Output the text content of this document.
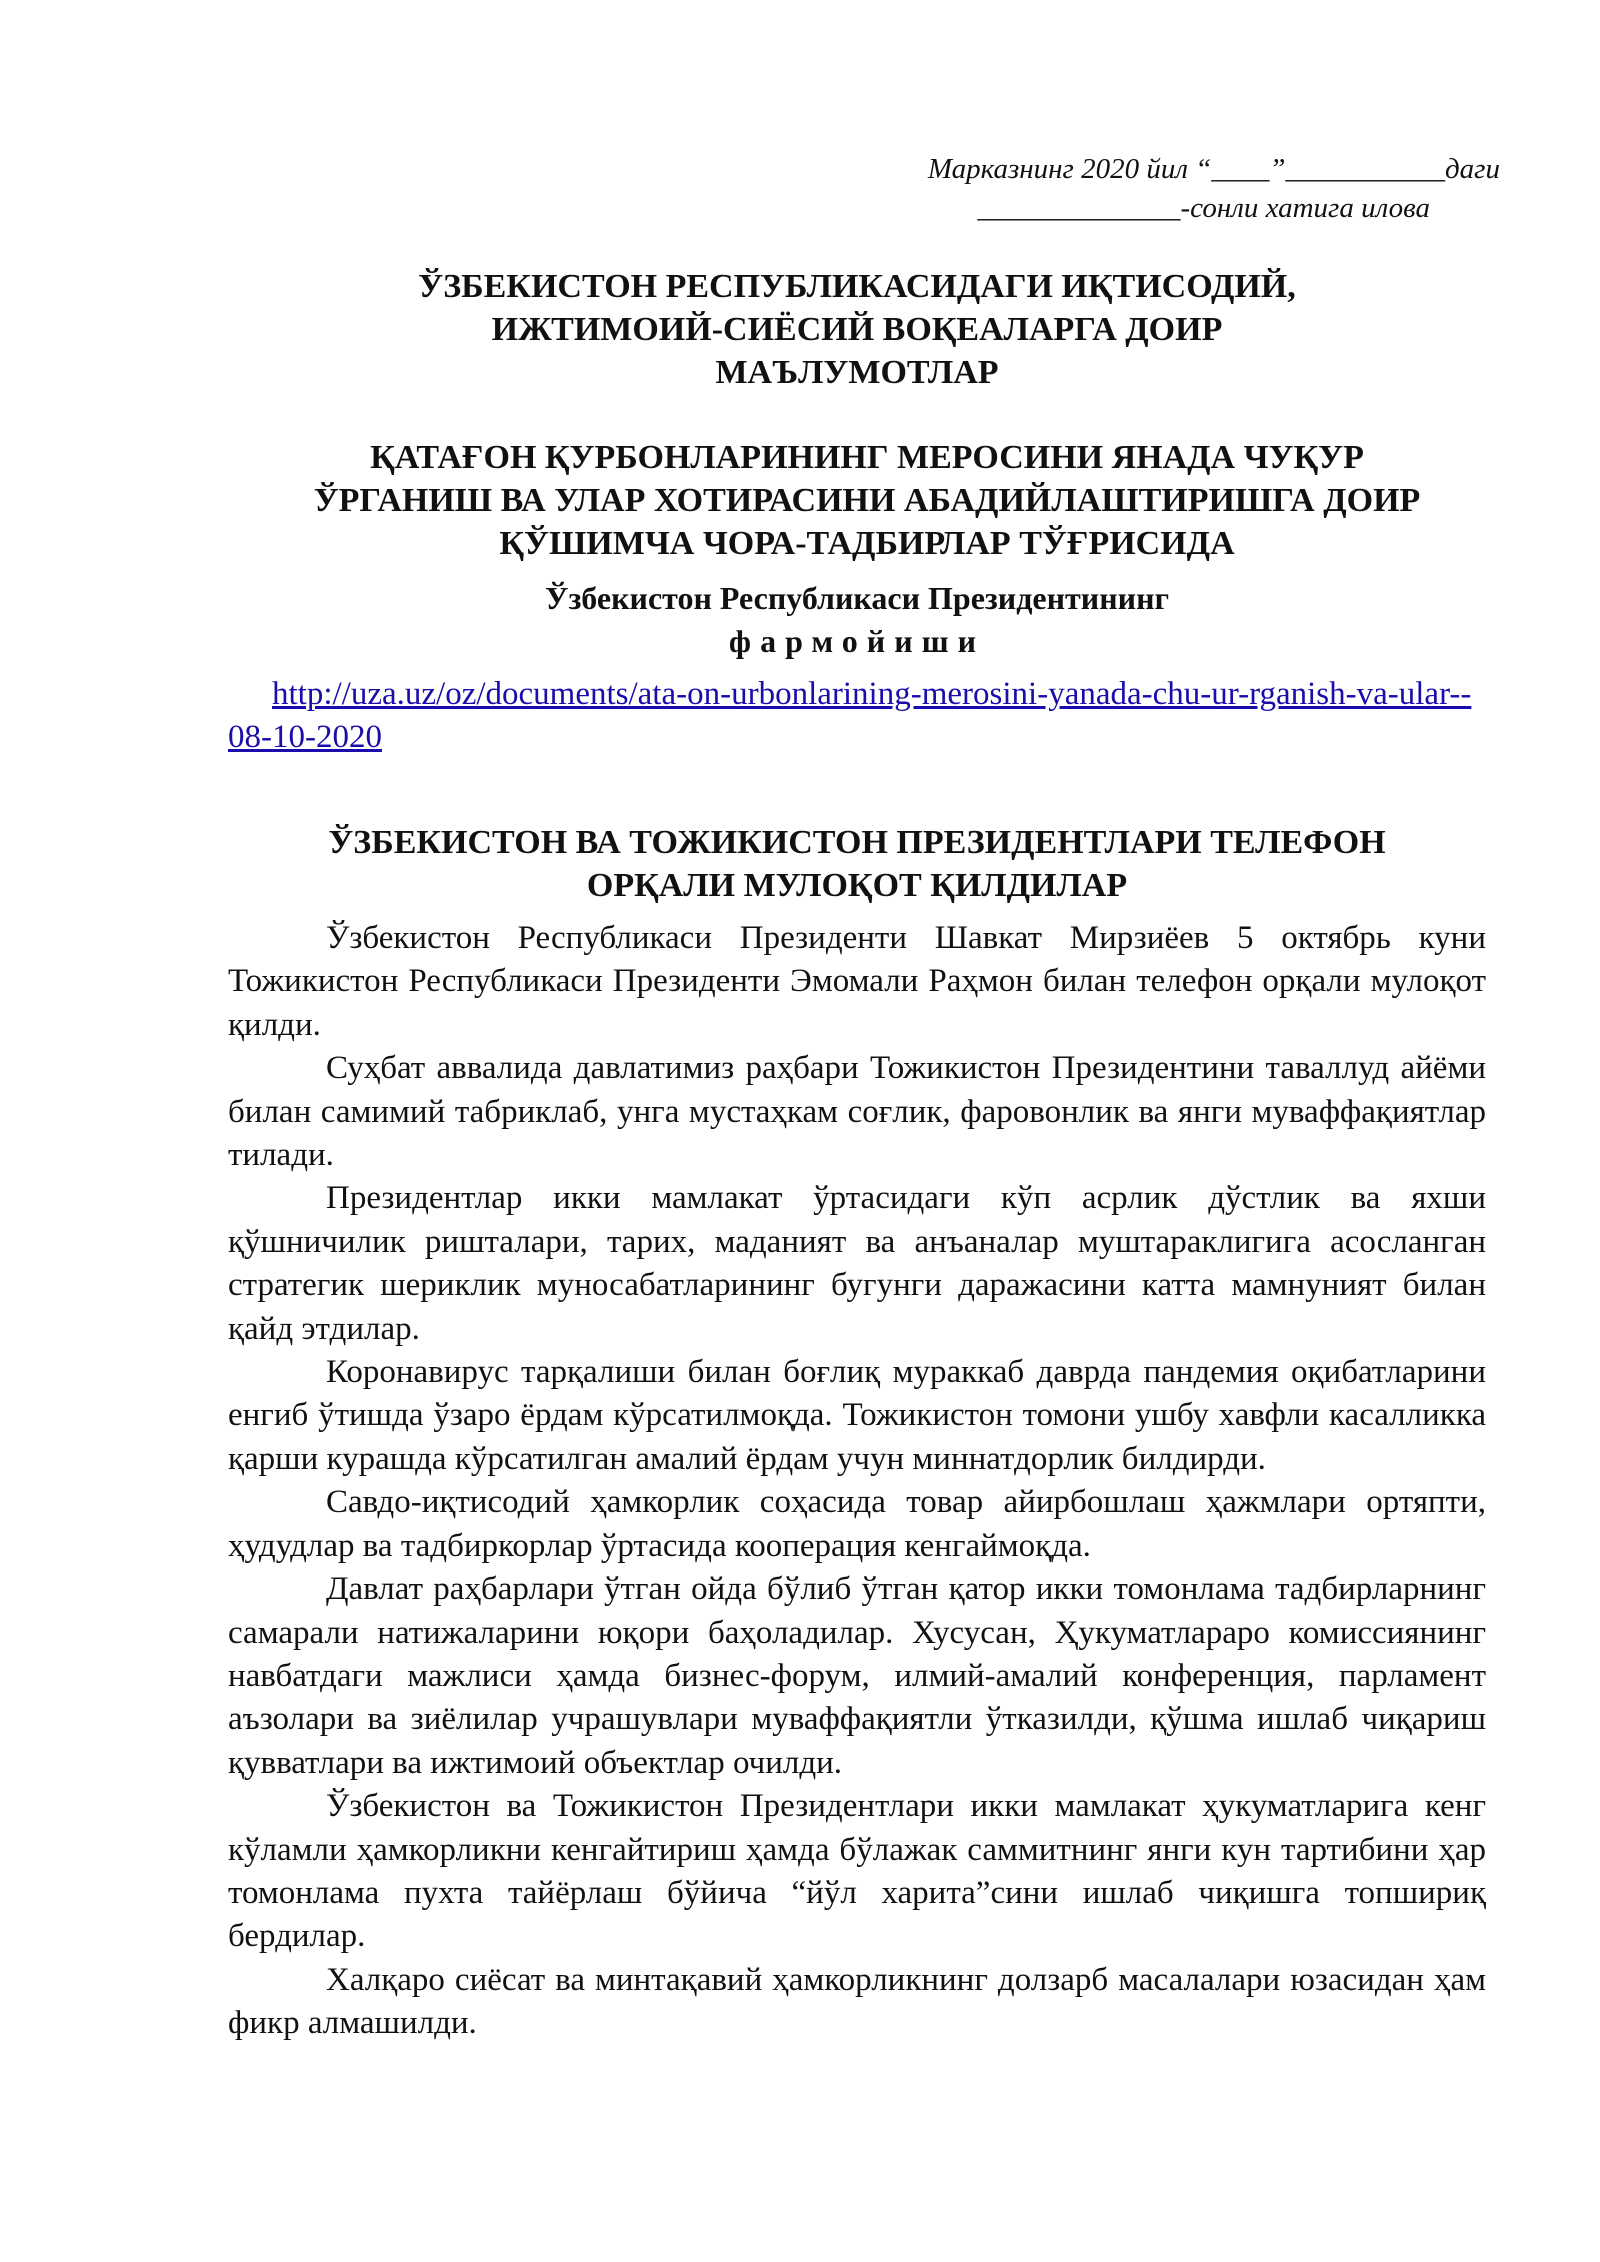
Марказнинг 2020 йил “____”___________даги
______________-сонли хатига илова
ЎЗБЕКИСТОН РЕСПУБЛИКАСИДАГИ ИҚТИСОДИЙ,
ИЖТИМОИЙ-СИЁСИЙ ВОҚЕАЛАРГА ДОИР
МАЪЛУМОТЛАР
ҚАТАҒОН ҚУРБОНЛАРИНИНГ МЕРОСИНИ ЯНАДА ЧУҚУР
ЎРГАНИШ ВА УЛАР ХОТИРАСИНИ АБАДИЙЛАШТИРИШГА ДОИР
ҚЎШИМЧА ЧОРА-ТАДБИРЛАР ТЎҒРИСИДА
Ўзбекистон Республикаси Президентининг
фармойиши
http://uza.uz/oz/documents/ata-on-urbonlarining-merosini-yanada-chu-ur-rganish-va-ular--08-10-2020
ЎЗБЕКИСТОН ВА ТОЖИКИСТОН ПРЕЗИДЕНТЛАРИ ТЕЛЕФОН
ОРҚАЛИ МУЛОҚОТ ҚИЛДИЛАР

Ўзбекистон Республикаси Президенти Шавкат Мирзиёев 5 октябрь куни Тожикистон Республикаси Президенти Эмомали Раҳмон билан телефон орқали мулоқот қилди.

Суҳбат аввалида давлатимиз раҳбари Тожикистон Президентини таваллуд айёми билан самимий табриклаб, унга мустаҳкам соғлик, фаровонлик ва янги муваффақиятлар тилади.

Президентлар икки мамлакат ўртасидаги кўп асрлик дўстлик ва яхши қўшничилик ришталари, тарих, маданият ва анъаналар муштараклигига асосланган стратегик шериклик муносабатларининг бугунги даражасини катта мамнуният билан қайд этдилар.

Коронавирус тарқалиши билан боғлиқ мураккаб даврда пандемия оқибатларини енгиб ўтишда ўзаро ёрдам кўрсатилмоқда. Тожикистон томони ушбу хавфли касалликка қарши курашда кўрсатилган амалий ёрдам учун миннатдорлик билдирди.

Савдо-иқтисодий ҳамкорлик соҳасида товар айирбошлаш ҳажмлари ортяпти, ҳудудлар ва тадбиркорлар ўртасида кооперация кенгаймоқда.

Давлат раҳбарлари ўтган ойда бўлиб ўтган қатор икки томонлама тадбирларнинг самарали натижаларини юқори баҳоладилар. Хусусан, Ҳукуматлараро комиссиянинг навбатдаги мажлиси ҳамда бизнес-форум, илмий-амалий конференция, парламент аъзолари ва зиёлилар учрашувлари муваффақиятли ўтказилди, қўшма ишлаб чиқариш қувватлари ва ижтимоий объектлар очилди.

Ўзбекистон ва Тожикистон Президентлари икки мамлакат ҳукуматларига кенг кўламли ҳамкорликни кенгайтириш ҳамда бўлажак саммитнинг янги кун тартибини ҳар томонлама пухта тайёрлаш бўйича “йўл харита”сини ишлаб чиқишга топшириқ бердилар.

Халқаро сиёсат ва минтақавий ҳамкорликнинг долзарб масалалари юзасидан ҳам фикр алмашилди.
